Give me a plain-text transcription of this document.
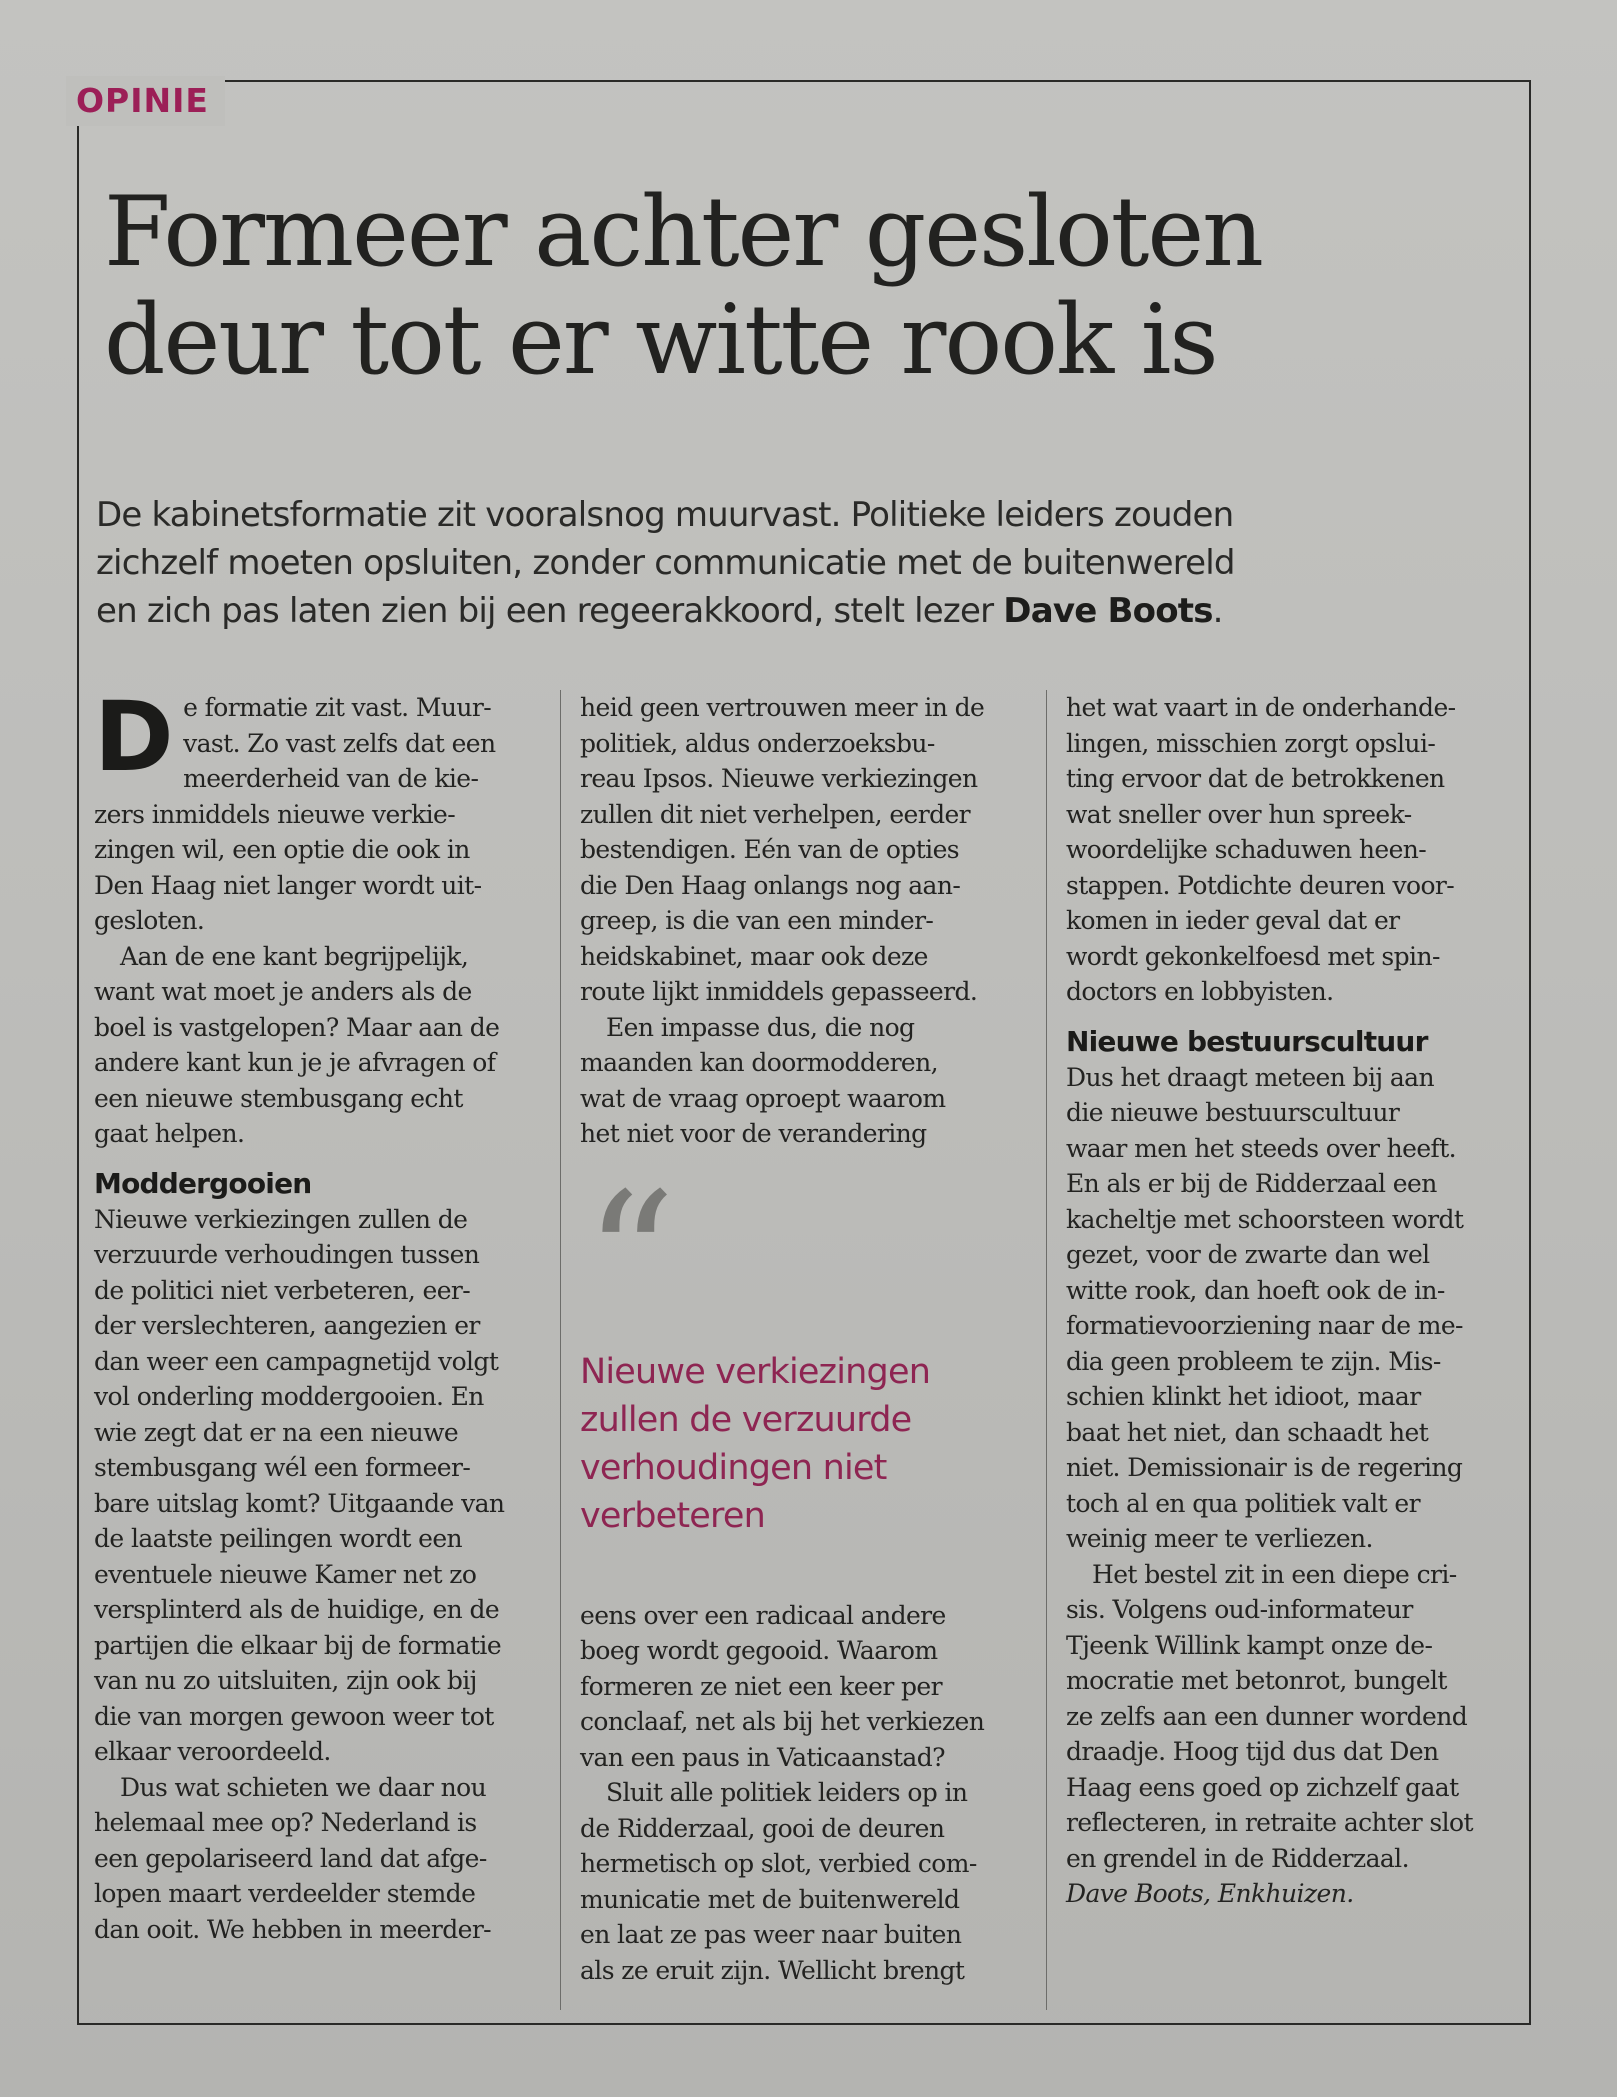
OPINIE
Formeer achter gesloten
deur tot er witte rook is

De kabinetsformatie zit vooralsnog muurvast. Politieke leiders zouden
zichzelf moeten opsluiten, zonder communicatie met de buitenwereld
en zich pas laten zien bij een regeerakkoord, stelt lezer Dave Boots.

De formatie zit vast. Muur-
vast. Zo vast zelfs dat een
meerderheid van de kie-
zers inmiddels nieuwe verkie-
zingen wil, een optie die ook in
Den Haag niet langer wordt uit-
gesloten.

Aan de ene kant begrijpelijk,
want wat moet je anders als de
boel is vastgelopen? Maar aan de
andere kant kun je je afvragen of
een nieuwe stembusgang echt
gaat helpen.

Moddergooien

Nieuwe verkiezingen zullen de
verzuurde verhoudingen tussen
de politici niet verbeteren, eer-
der verslechteren, aangezien er
dan weer een campagnetijd volgt
vol onderling moddergooien. En
wie zegt dat er na een nieuwe
stembusgang wél een formeer-
bare uitslag komt? Uitgaande van
de laatste peilingen wordt een
eventuele nieuwe Kamer net zo
versplinterd als de huidige, en de
partijen die elkaar bij de formatie
van nu zo uitsluiten, zijn ook bij
die van morgen gewoon weer tot
elkaar veroordeeld.

Dus wat schieten we daar nou
helemaal mee op? Nederland is
een gepolariseerd land dat afge-
lopen maart verdeelder stemde
dan ooit. We hebben in meerder-

heid geen vertrouwen meer in de
politiek, aldus onderzoeksbu-
reau Ipsos. Nieuwe verkiezingen
zullen dit niet verhelpen, eerder
bestendigen. Eén van de opties
die Den Haag onlangs nog aan-
greep, is die van een minder-
heidskabinet, maar ook deze
route lijkt inmiddels gepasseerd.

Een impasse dus, die nog
maanden kan doormodderen,
wat de vraag oproept waarom
het niet voor de verandering

“
Nieuwe verkiezingen
zullen de verzuurde
verhoudingen niet
verbeteren

eens over een radicaal andere
boeg wordt gegooid. Waarom
formeren ze niet een keer per
conclaaf, net als bij het verkiezen
van een paus in Vaticaanstad?

Sluit alle politiek leiders op in
de Ridderzaal, gooi de deuren
hermetisch op slot, verbied com-
municatie met de buitenwereld
en laat ze pas weer naar buiten
als ze eruit zijn. Wellicht brengt

het wat vaart in de onderhande-
lingen, misschien zorgt opslui-
ting ervoor dat de betrokkenen
wat sneller over hun spreek-
woordelijke schaduwen heen-
stappen. Potdichte deuren voor-
komen in ieder geval dat er
wordt gekonkelfoesd met spin-
doctors en lobbyisten.

Nieuwe bestuurscultuur

Dus het draagt meteen bij aan
die nieuwe bestuurscultuur
waar men het steeds over heeft.
En als er bij de Ridderzaal een
kacheltje met schoorsteen wordt
gezet, voor de zwarte dan wel
witte rook, dan hoeft ook de in-
formatievoorziening naar de me-
dia geen probleem te zijn. Mis-
schien klinkt het idioot, maar
baat het niet, dan schaadt het
niet. Demissionair is de regering
toch al en qua politiek valt er
weinig meer te verliezen.

Het bestel zit in een diepe cri-
sis. Volgens oud-informateur
Tjeenk Willink kampt onze de-
mocratie met betonrot, bungelt
ze zelfs aan een dunner wordend
draadje. Hoog tijd dus dat Den
Haag eens goed op zichzelf gaat
reflecteren, in retraite achter slot
en grendel in de Ridderzaal.

Dave Boots, Enkhuizen.
